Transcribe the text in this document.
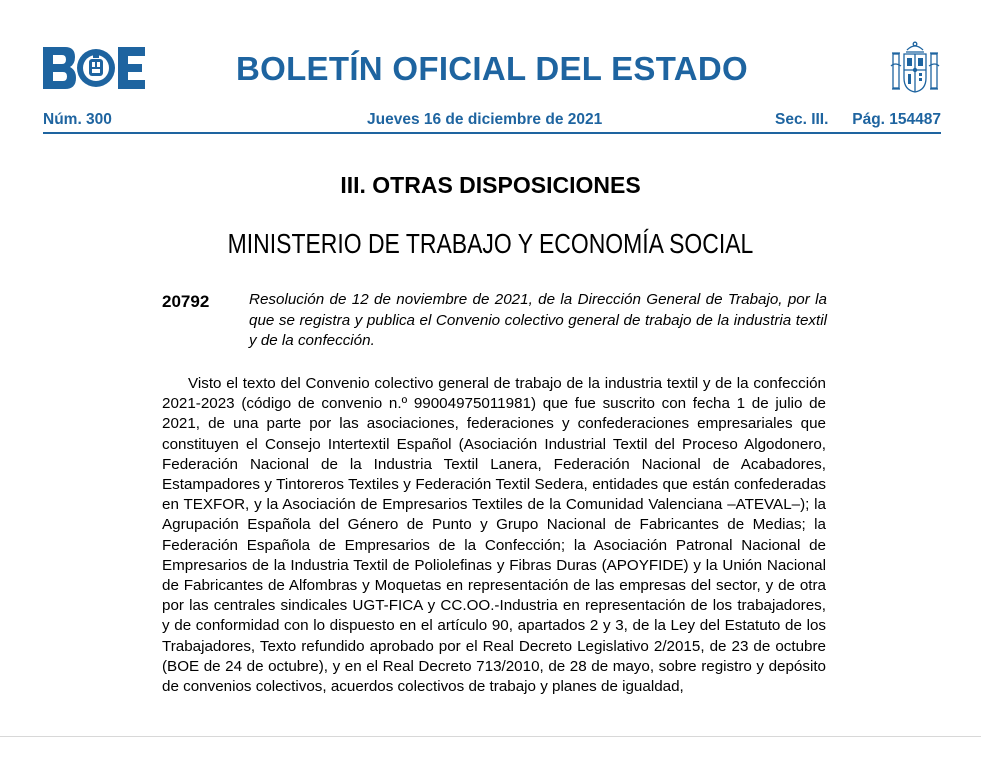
BOLETÍN OFICIAL DEL ESTADO
Núm. 300	Jueves 16 de diciembre de 2021	Sec. III. Pág. 154487
III. OTRAS DISPOSICIONES
MINISTERIO DE TRABAJO Y ECONOMÍA SOCIAL
20792	Resolución de 12 de noviembre de 2021, de la Dirección General de Trabajo, por la que se registra y publica el Convenio colectivo general de trabajo de la industria textil y de la confección.
Visto el texto del Convenio colectivo general de trabajo de la industria textil y de la confección 2021-2023 (código de convenio n.º 99004975011981) que fue suscrito con fecha 1 de julio de 2021, de una parte por las asociaciones, federaciones y confederaciones empresariales que constituyen el Consejo Intertextil Español (Asociación Industrial Textil del Proceso Algodonero, Federación Nacional de la Industria Textil Lanera, Federación Nacional de Acabadores, Estampadores y Tintoreros Textiles y Federación Textil Sedera, entidades que están confederadas en TEXFOR, y la Asociación de Empresarios Textiles de la Comunidad Valenciana –ATEVAL–); la Agrupación Española del Género de Punto y Grupo Nacional de Fabricantes de Medias; la Federación Española de Empresarios de la Confección; la Asociación Patronal Nacional de Empresarios de la Industria Textil de Poliolefinas y Fibras Duras (APOYFIDE) y la Unión Nacional de Fabricantes de Alfombras y Moquetas en representación de las empresas del sector, y de otra por las centrales sindicales UGT-FICA y CC.OO.-Industria en representación de los trabajadores, y de conformidad con lo dispuesto en el artículo 90, apartados 2 y 3, de la Ley del Estatuto de los Trabajadores, Texto refundido aprobado por el Real Decreto Legislativo 2/2015, de 23 de octubre (BOE de 24 de octubre), y en el Real Decreto 713/2010, de 28 de mayo, sobre registro y depósito de convenios colectivos, acuerdos colectivos de trabajo y planes de igualdad,
